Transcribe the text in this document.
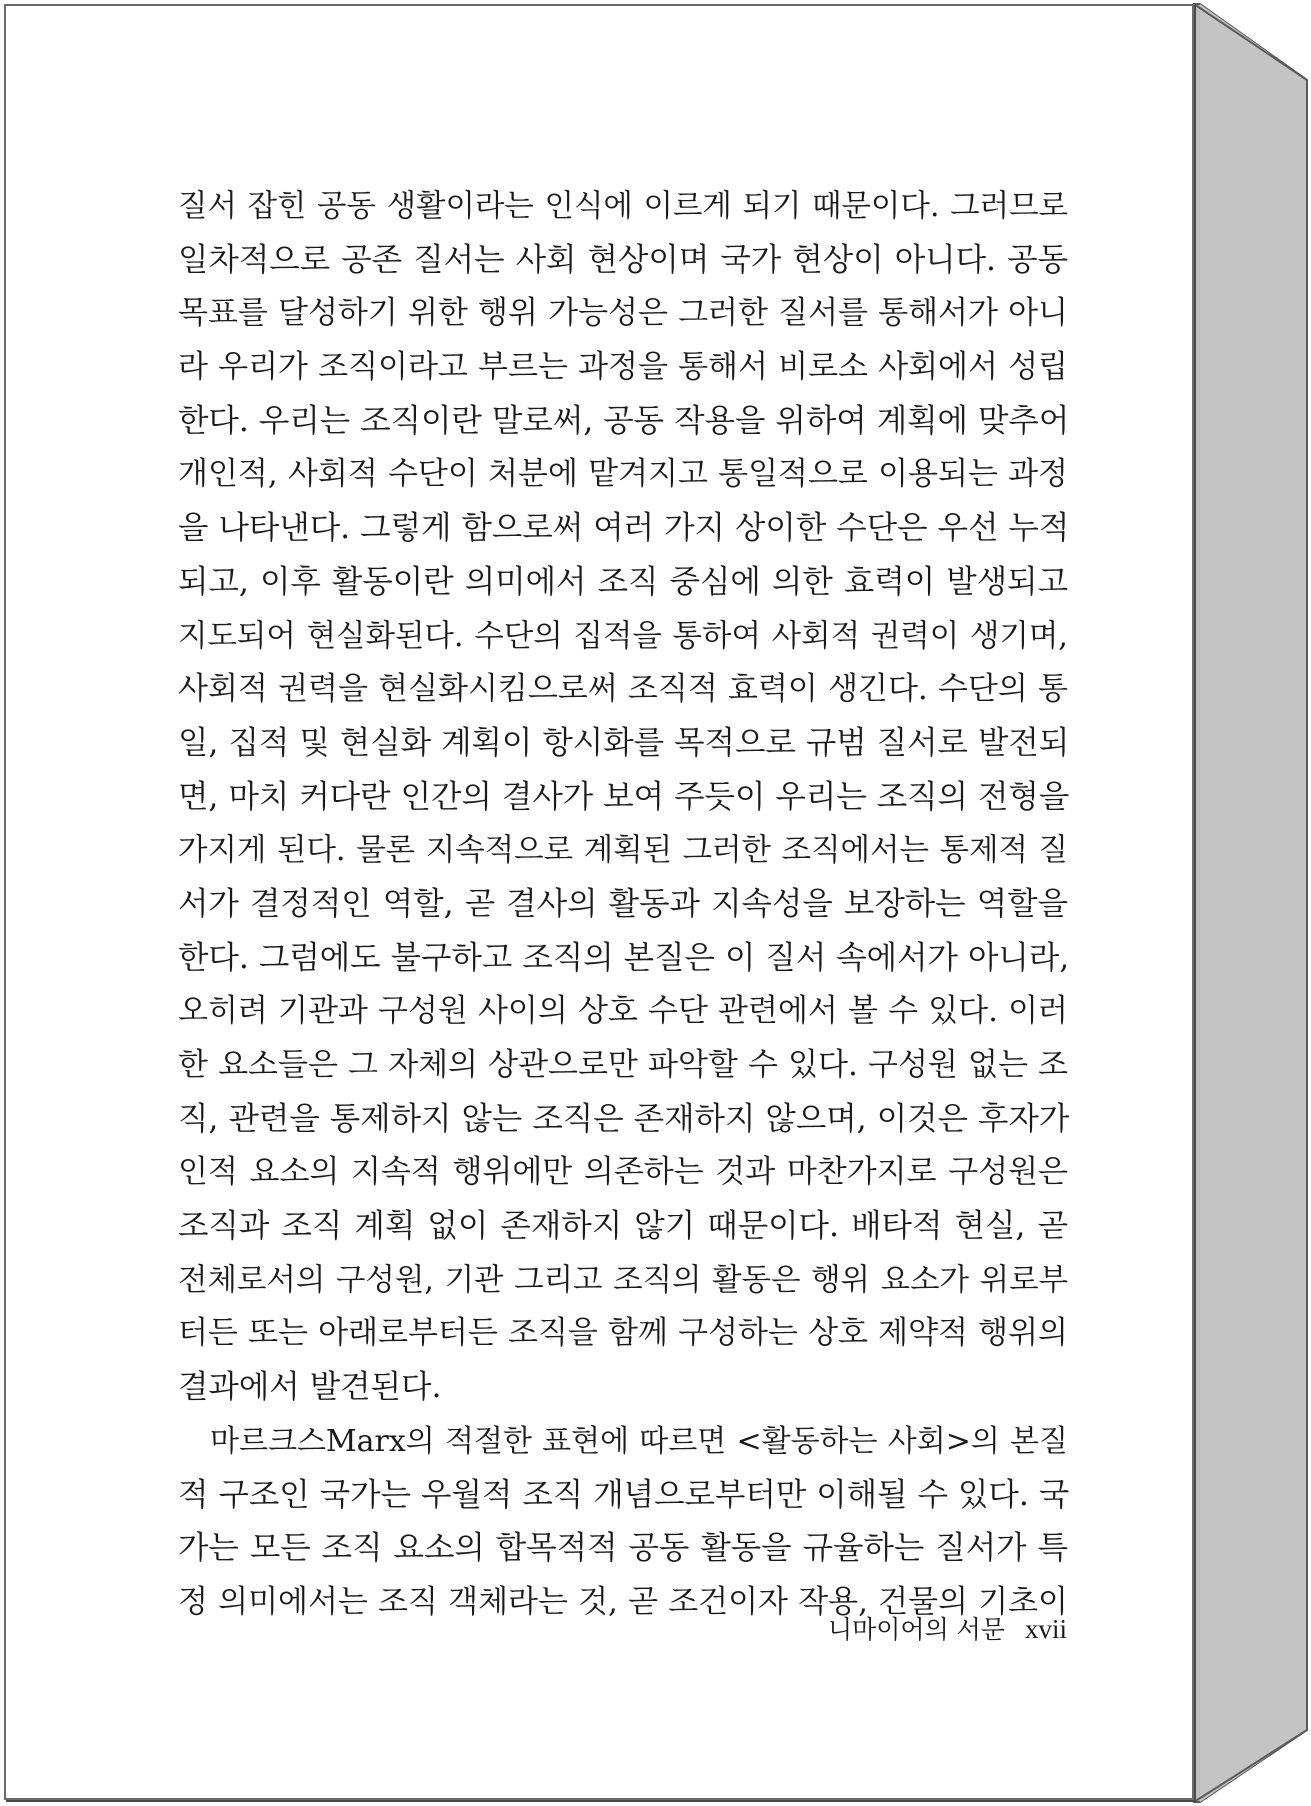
질서 잡힌 공동 생활이라는 인식에 이르게 되기 때문이다. 그러므로
일차적으로 공존 질서는 사회 현상이며 국가 현상이 아니다. 공동
목표를 달성하기 위한 행위 가능성은 그러한 질서를 통해서가 아니
라 우리가 조직이라고 부르는 과정을 통해서 비로소 사회에서 성립
한다. 우리는 조직이란 말로써, 공동 작용을 위하여 계획에 맞추어
개인적, 사회적 수단이 처분에 맡겨지고 통일적으로 이용되는 과정
을 나타낸다. 그렇게 함으로써 여러 가지 상이한 수단은 우선 누적
되고, 이후 활동이란 의미에서 조직 중심에 의한 효력이 발생되고
지도되어 현실화된다. 수단의 집적을 통하여 사회적 권력이 생기며,
사회적 권력을 현실화시킴으로써 조직적 효력이 생긴다. 수단의 통
일, 집적 및 현실화 계획이 항시화를 목적으로 규범 질서로 발전되
면, 마치 커다란 인간의 결사가 보여 주듯이 우리는 조직의 전형을
가지게 된다. 물론 지속적으로 계획된 그러한 조직에서는 통제적 질
서가 결정적인 역할, 곧 결사의 활동과 지속성을 보장하는 역할을
한다. 그럼에도 불구하고 조직의 본질은 이 질서 속에서가 아니라,
오히려 기관과 구성원 사이의 상호 수단 관련에서 볼 수 있다. 이러
한 요소들은 그 자체의 상관으로만 파악할 수 있다. 구성원 없는 조
직, 관련을 통제하지 않는 조직은 존재하지 않으며, 이것은 후자가
인적 요소의 지속적 행위에만 의존하는 것과 마찬가지로 구성원은
조직과 조직 계획 없이 존재하지 않기 때문이다. 배타적 현실, 곧
전체로서의 구성원, 기관 그리고 조직의 활동은 행위 요소가 위로부
터든 또는 아래로부터든 조직을 함께 구성하는 상호 제약적 행위의
결과에서 발견된다.
마르크스Marx의 적절한 표현에 따르면 <활동하는 사회>의 본질
적 구조인 국가는 우월적 조직 개념으로부터만 이해될 수 있다. 국
가는 모든 조직 요소의 합목적적 공동 활동을 규율하는 질서가 특
정 의미에서는 조직 객체라는 것, 곧 조건이자 작용, 건물의 기초이
니마이어의 서문 xvii
